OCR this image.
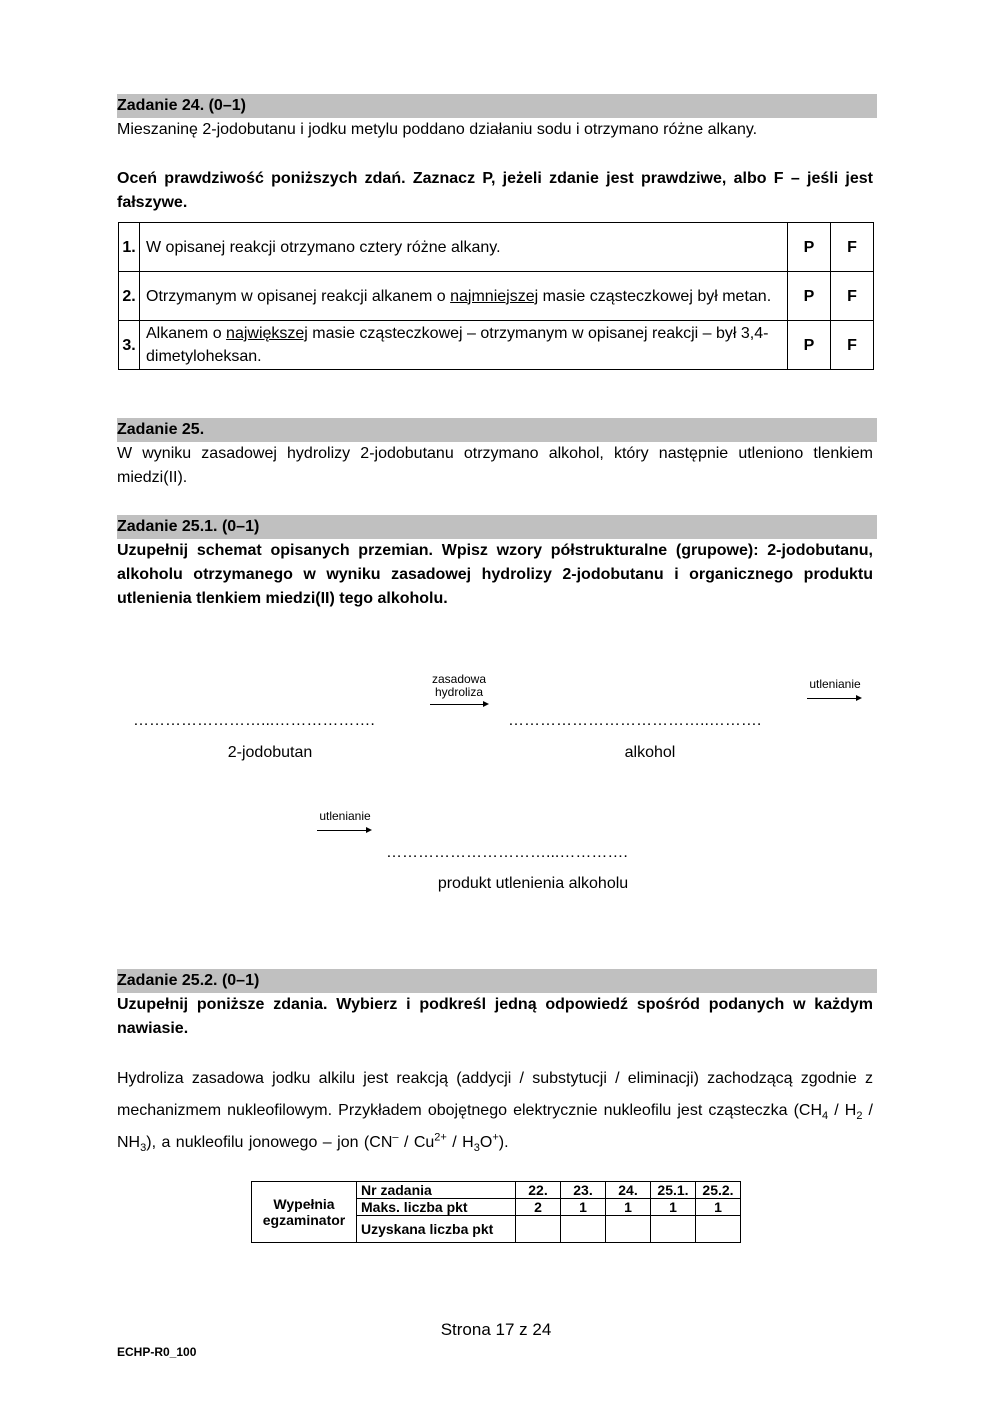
Zadanie 24. (0–1)
Mieszaninę 2-jodobutanu i jodku metylu poddano działaniu sodu i otrzymano różne alkany.
Oceń prawdziwość poniższych zdań. Zaznacz P, jeżeli zdanie jest prawdziwe, albo F – jeśli jest fałszywe.
1.	W opisanej reakcji otrzymano cztery różne alkany.	P	F
2.	Otrzymanym w opisanej reakcji alkanem o najmniejszej masie cząsteczkowej był metan.	P	F
3.	Alkanem o największej masie cząsteczkowej – otrzymanym w opisanej reakcji – był 3,4-dimetyloheksan.	P	F
Zadanie 25.
W wyniku zasadowej hydrolizy 2-jodobutanu otrzymano alkohol, który następnie utleniono tlenkiem miedzi(II).
Zadanie 25.1. (0–1)
Uzupełnij schemat opisanych przemian. Wpisz wzory półstrukturalne (grupowe): 2-jodobutanu, alkoholu otrzymanego w wyniku zasadowej hydrolizy 2-jodobutanu i organicznego produktu utlenienia tlenkiem miedzi(II) tego alkoholu.
……………………...……………….
zasadowa
hydroliza
………………………………..……….
utlenianie
2-jodobutan	alkohol
utlenianie
…………………………...………….
produkt utlenienia alkoholu
Zadanie 25.2. (0–1)
Uzupełnij poniższe zdania. Wybierz i podkreśl jedną odpowiedź spośród podanych w każdym nawiasie.
Hydroliza zasadowa jodku alkilu jest reakcją (addycji / substytucji / eliminacji) zachodzącą zgodnie z mechanizmem nukleofilowym. Przykładem obojętnego elektrycznie nukleofilu jest cząsteczka $(CH_4 / H_2 / NH_3)$, a nukleofilu jonowego – jon $(CN^- / Cu^{2+} / H_3O^+)$.
Wypełnia egzaminator	Nr zadania	22.	23.	24.	25.1.	25.2.
	Maks. liczba pkt	2	1	1	1	1
	Uzyskana liczba pkt					
Strona 17 z 24
ECHP-R0_100
